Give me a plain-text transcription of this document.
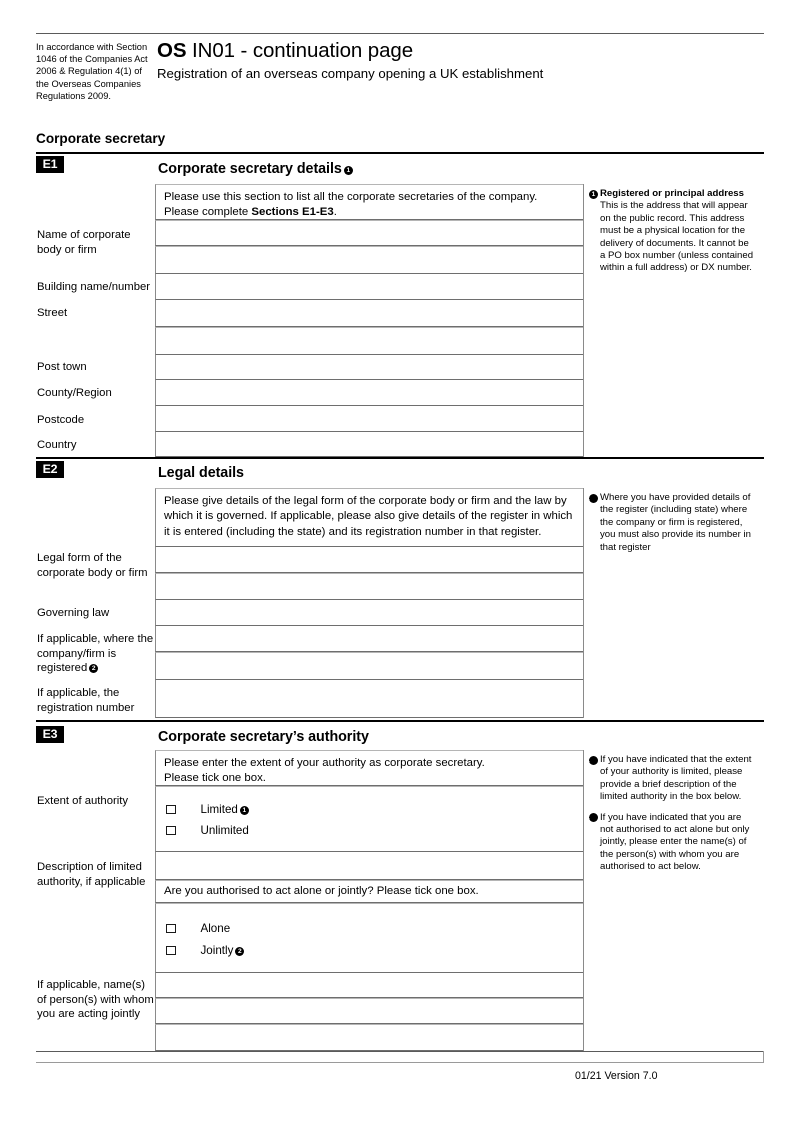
In accordance with Section 1046 of the Companies Act 2006 & Regulation 4(1) of the Overseas Companies Regulations 2009.
OS IN01 - continuation page
Registration of an overseas company opening a UK establishment
Corporate secretary
E1	Corporate secretary details 1
Please use this section to list all the corporate secretaries of the company.
Please complete Sections E1-E3.
Name of corporate body or firm
Building name/number
Street
Post town
County/Region
Postcode
Country
1 Registered or principal address
This is the address that will appear on the public record. This address must be a physical location for the delivery of documents. It cannot be a PO box number (unless contained within a full address) or DX number.
E2	Legal details
Please give details of the legal form of the corporate body or firm and the law by which it is governed. If applicable, please also give details of the register in which it is entered (including the state) and its registration number in that register.
Legal form of the corporate body or firm
Governing law
If applicable, where the company/firm is registered 2
If applicable, the registration number
2 Where you have provided details of the register (including state) where the company or firm is registered, you must also provide its number in that register
E3	Corporate secretary’s authority
Please enter the extent of your authority as corporate secretary.
Please tick one box.
Extent of authority
Limited 1
Unlimited
Description of limited authority, if applicable
Are you authorised to act alone or jointly? Please tick one box.
Alone
Jointly 2
If applicable, name(s) of person(s) with whom you are acting jointly
1 If you have indicated that the extent of your authority is limited, please provide a brief description of the limited authority in the box below.
2 If you have indicated that you are not authorised to act alone but only jointly, please enter the name(s) of the person(s) with whom you are authorised to act below.
01/21 Version 7.0
